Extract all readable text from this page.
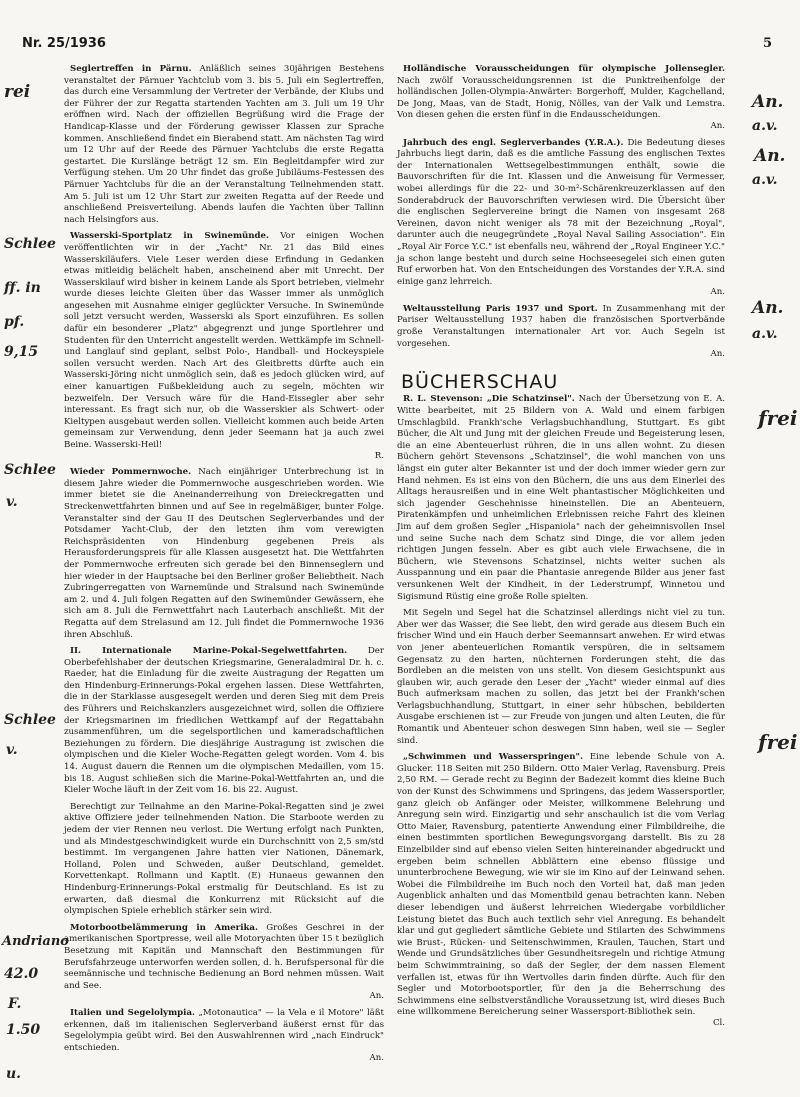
Nr. 25/1936	5

Seglertreffen in Pärnu. Anläßlich seines 30jährigen Bestehens veranstaltet der Pärnuer Yachtclub vom 3. bis 5. Juli ein Seglertreffen, das durch eine Versammlung der Vertreter der Verbände, der Klubs und der Führer der zur Regatta startenden Yachten am 3. Juli um 19 Uhr eröffnen wird. Nach der offiziellen Begrüßung wird die Frage der Handicap-Klasse und der Förderung gewisser Klassen zur Sprache kommen. Anschließend findet ein Bierabend statt. Am nächsten Tag wird um 12 Uhr auf der Reede des Pärnuer Yachtclubs die erste Regatta gestartet. Die Kurslänge beträgt 12 sm. Ein Begleitdampfer wird zur Verfügung stehen. Um 20 Uhr findet das große Jubiläums-Festessen des Pärnuer Yachtclubs für die an der Veranstaltung Teilnehmenden statt. Am 5. Juli ist um 12 Uhr Start zur zweiten Regatta auf der Reede und anschließend Preisverteilung. Abends laufen die Yachten über Tallinn nach Helsingfors aus.

Wasserski-Sportplatz in Swinemünde. Vor einigen Wochen veröffentlichten wir in der „Yacht" Nr. 21 das Bild eines Wasserskiläufers. Viele Leser werden diese Erfindung in Gedanken etwas mitleidig belächelt haben, anscheinend aber mit Unrecht. Der Wasserskilauf wird bisher in keinem Lande als Sport betrieben, vielmehr wurde dieses leichte Gleiten über das Wasser immer als unmöglich angesehen mit Ausnahme einiger geglückter Versuche. In Swinemünde soll jetzt versucht werden, Wasserski als Sport einzuführen. Es sollen dafür ein besonderer „Platz" abgegrenzt und junge Sportlehrer und Studenten für den Unterricht angestellt werden. Wettkämpfe im Schnell- und Langlauf sind geplant, selbst Polo-, Handball- und Hockeyspiele sollen versucht werden. Nach Art des Gleitbretts dürfte auch ein Wasserski-Jöring nicht unmöglich sein, daß es jedoch glücken wird, auf einer kanuartigen Fußbekleidung auch zu segeln, möchten wir bezweifeln. Der Versuch wäre für die Hand-Eissegler aber sehr interessant. Es fragt sich nur, ob die Wasserskier als Schwert- oder Kieltypen ausgebaut werden sollen. Vielleicht kommen auch beide Arten gemeinsam zur Verwendung, denn jeder Seemann hat ja auch zwei Beine. Wasserski-Heil!
R.

Wieder Pommernwoche. Nach einjähriger Unterbrechung ist in diesem Jahre wieder die Pommernwoche ausgeschrieben worden. Wie immer bietet sie die Aneinanderreihung von Dreieckregatten und Streckenwettfahrten binnen und auf See in regelmäßiger, bunter Folge. Veranstalter sind der Gau II des Deutschen Seglerverbandes und der Potsdamer Yacht-Club, der den letzten ihm vom verewigten Reichspräsidenten von Hindenburg gegebenen Preis als Herausforderungspreis für alle Klassen ausgesetzt hat. Die Wettfahrten der Pommernwoche erfreuten sich gerade bei den Binnenseglern und hier wieder in der Hauptsache bei den Berliner großer Beliebtheit. Nach Zubringerregatten von Warnemünde und Stralsund nach Swinemünde am 2. und 4. Juli folgen Regatten auf den Swinemünder Gewässern, ehe sich am 8. Juli die Fernwettfahrt nach Lauterbach anschließt. Mit der Regatta auf dem Strelasund am 12. Juli findet die Pommernwoche 1936 ihren Abschluß.

II. Internationale Marine-Pokal-Segelwettfahrten. Der Oberbefehlshaber der deutschen Kriegsmarine, Generaladmiral Dr. h. c. Raeder, hat die Einladung für die zweite Austragung der Regatten um den Hindenburg-Erinnerungs-Pokal ergehen lassen. Diese Wettfahrten, die in der Starklasse ausgesegelt werden und deren Sieg mit dem Preis des Führers und Reichskanzlers ausgezeichnet wird, sollen die Offiziere der Kriegsmarinen im friedlichen Wettkampf auf der Regattabahn zusammenführen, um die segelsportlichen und kameradschaftlichen Beziehungen zu fördern. Die diesjährige Austragung ist zwischen die olympischen und die Kieler Woche-Regatten gelegt worden. Vom 4. bis 14. August dauern die Rennen um die olympischen Medaillen, vom 15. bis 18. August schließen sich die Marine-Pokal-Wettfahrten an, und die Kieler Woche läuft in der Zeit vom 16. bis 22. August.

Berechtigt zur Teilnahme an den Marine-Pokal-Regatten sind je zwei aktive Offiziere jeder teilnehmenden Nation. Die Starboote werden zu jedem der vier Rennen neu verlost. Die Wertung erfolgt nach Punkten, und als Mindestgeschwindigkeit wurde ein Durchschnitt von 2,5 sm/std bestimmt. Im vergangenen Jahre hatten vier Nationen, Dänemark, Holland, Polen und Schweden, außer Deutschland, gemeldet. Korvettenkapt. Rollmann und Kaptlt. (E) Hunaeus gewannen den Hindenburg-Erinnerungs-Pokal erstmalig für Deutschland. Es ist zu erwarten, daß diesmal die Konkurrenz mit Rücksicht auf die olympischen Spiele erheblich stärker sein wird.

Motorbootbelämmerung in Amerika. Großes Geschrei in der amerikanischen Sportpresse, weil alle Motoryachten über 15 t bezüglich Besetzung mit Kapitän und Mannschaft den Bestimmungen für Berufsfahrzeuge unterworfen werden sollen, d. h. Berufspersonal für die seemännische und technische Bedienung an Bord nehmen müssen. Wait and See.
An.

Italien und Segelolympia. „Motonautica" — la Vela e il Motore" läßt erkennen, daß im italienischen Seglerverband äußerst ernst für das Segelolympia geübt wird. Bei den Auswahlrennen wird „nach Eindruck" entschieden.
An.

Holländische Vorausscheidungen für olympische Jollensegler. Nach zwölf Vorausscheidungsrennen ist die Punktreihenfolge der holländischen Jollen-Olympia-Anwärter: Borgerhoff, Mulder, Kagchelland, De Jong, Maas, van de Stadt, Honig, Nölles, van der Valk und Lemstra. Von diesen gehen die ersten fünf in die Endausscheidungen.
An.

Jahrbuch des engl. Seglerverbandes (Y.R.A.). Die Bedeutung dieses Jahrbuchs liegt darin, daß es die amtliche Fassung des englischen Textes der Internationalen Wettsegelbestimmungen enthält, sowie die Bauvorschriften für die Int. Klassen und die Anweisung für Vermesser, wobei allerdings für die 22- und 30-m²-Schärenkreuzerklassen auf den Sonderabdruck der Bauvorschriften verwiesen wird. Die Übersicht über die englischen Seglervereine bringt die Namen von insgesamt 268 Vereinen, davon nicht weniger als 78 mit der Bezeichnung „Royal", darunter auch die neugegründete „Royal Naval Sailing Association". Ein „Royal Air Force Y.C." ist ebenfalls neu, während der „Royal Engineer Y.C." ja schon lange besteht und durch seine Hochseesegelei sich einen guten Ruf erworben hat. Von den Entscheidungen des Vorstandes der Y.R.A. sind einige ganz lehrreich.
An.

Weltausstellung Paris 1937 und Sport. In Zusammenhang mit der Pariser Weltausstellung 1937 haben die französischen Sportverbände große Veranstaltungen internationaler Art vor. Auch Segeln ist vorgesehen.
An.

BÜCHERSCHAU

R. L. Stevenson: „Die Schatzinsel". Nach der Übersetzung von E. A. Witte bearbeitet, mit 25 Bildern von A. Wald und einem farbigen Umschlagbild. Frankh'sche Verlagsbuchhandlung, Stuttgart. Es gibt Bücher, die Alt und Jung mit der gleichen Freude und Begeisterung lesen, die an eine Abenteuerlust rühren, die in uns allen wohnt. Zu diesen Büchern gehört Stevensons „Schatzinsel", die wohl manchen von uns längst ein guter alter Bekannter ist und der doch immer wieder gern zur Hand nehmen. Es ist eins von den Büchern, die uns aus dem Einerlei des Alltags herausreißen und in eine Welt phantastischer Möglichkeiten und sich jagender Geschehnisse hineinstellen. Die an Abenteuern, Piratenkämpfen und unheimlichen Erlebnissen reiche Fahrt des kleinen Jim auf dem großen Segler „Hispaniola" nach der geheimnisvollen Insel und seine Suche nach dem Schatz sind Dinge, die vor allem jeden richtigen Jungen fesseln. Aber es gibt auch viele Erwachsene, die in Büchern, wie Stevensons Schatzinsel, nichts weiter suchen als Ausspannung und ein paar die Phantasie anregende Bilder aus jener fast versunkenen Welt der Kindheit, in der Lederstrumpf, Winnetou und Sigismund Rüstig eine große Rolle spielten.

Mit Segeln und Segel hat die Schatzinsel allerdings nicht viel zu tun. Aber wer das Wasser, die See liebt, den wird gerade aus diesem Buch ein frischer Wind und ein Hauch derber Seemannsart anwehen. Er wird etwas von jener abenteuerlichen Romantik verspüren, die in seltsamem Gegensatz zu den harten, nüchternen Forderungen steht, die das Bordleben an die meisten von uns stellt. Von diesem Gesichtspunkt aus glauben wir, auch gerade den Leser der „Yacht" wieder einmal auf dies Buch aufmerksam machen zu sollen, das jetzt bei der Frankh'schen Verlagsbuchhandlung, Stuttgart, in einer sehr hübschen, bebilderten Ausgabe erschienen ist — zur Freude von jungen und alten Leuten, die für Romantik und Abenteuer schon deswegen Sinn haben, weil sie — Segler sind.

„Schwimmen und Wasserspringen". Eine lebende Schule von A. Glucker. 118 Seiten mit 250 Bildern. Otto Maier Verlag, Ravensburg. Preis 2,50 RM. — Gerade recht zu Beginn der Badezeit kommt dies kleine Buch von der Kunst des Schwimmens und Springens, das jedem Wassersportler, ganz gleich ob Anfänger oder Meister, willkommene Belehrung und Anregung sein wird. Einzigartig und sehr anschaulich ist die vom Verlag Otto Maier, Ravensburg, patentierte Anwendung einer Filmbildreihe, die einen bestimmten sportlichen Bewegungsvorgang darstellt. Bis zu 28 Einzelbilder sind auf ebenso vielen Seiten hintereinander abgedruckt und ergeben beim schnellen Abblättern eine ebenso flüssige und ununterbrochene Bewegung, wie wir sie im Kino auf der Leinwand sehen. Wobei die Filmbildreihe im Buch noch den Vorteil hat, daß man jeden Augenblick anhalten und das Momentbild genau betrachten kann. Neben dieser lebendigen und äußerst lehrreichen Wiedergabe vorbildlicher Leistung bietet das Buch auch textlich sehr viel Anregung. Es behandelt klar und gut gegliedert sämtliche Gebiete und Stilarten des Schwimmens wie Brust-, Rücken- und Seitenschwimmen, Kraulen, Tauchen, Start und Wende und Grundsätzliches über Gesundheitsregeln und richtige Atmung beim Schwimmtraining, so daß der Segler, der dem nassen Element verfallen ist, etwas für ihn Wertvolles darin finden dürfte. Auch für den Segler und Motorbootsportler, für den ja die Beherrschung des Schwimmens eine selbstverständliche Voraussetzung ist, wird dieses Buch eine willkommene Bereicherung seiner Wassersport-Bibliothek sein.
Cl.

rei
Schlee
ff. in
pf.
9,15
Schlee
v.
Schlee
v.
Andriano
42.0
F.
1.50
u.
An.
a.v.
An.
a.v.
An.
a.v.
frei
frei
